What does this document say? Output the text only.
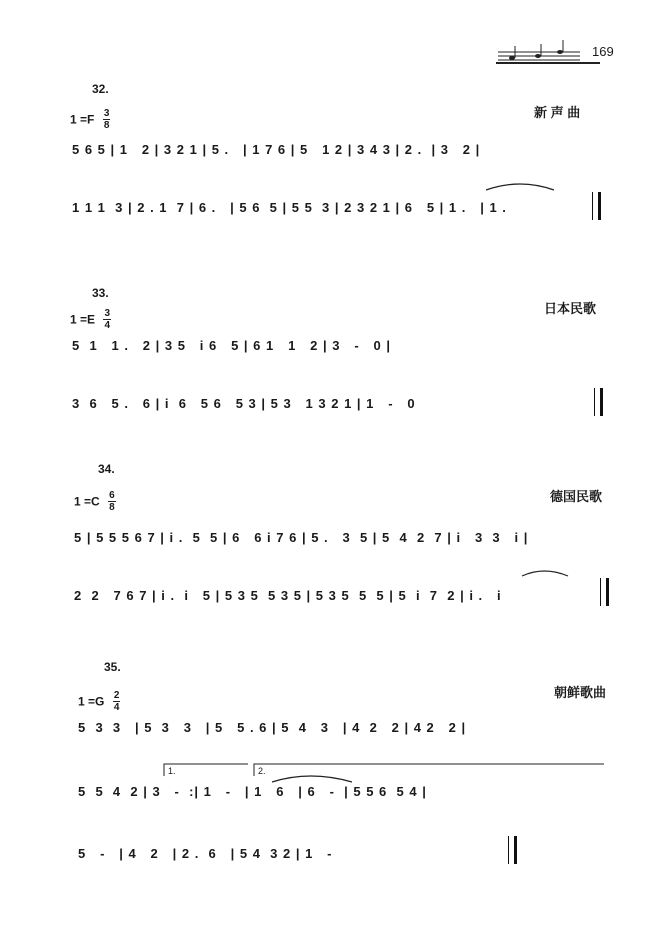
169
32.
$1 =F \frac{3}{8}$	新 声 曲
5 6 5 | 1   2 | 3 2 1 | 5 .   | 1 7 6 | 5   1 2 | 3 4 3 | 2 .  | 3   2 |
1 1 1  3 | 2 . 1  7 | 6 .   | 5 6  5 | 5 5  3 | 2 3 2 1 | 6   5 | 1 .   | 1 .
33.
$1 =E \frac{3}{4}$	日本民歌
5  1   1 .   2 | 3 5   i 6   5 | 6 1   1   2 | 3   -   0 |
3  6   5 .   6 | i  6   5 6   5 3 | 5 3   1 3 2 1 | 1   -   0
34.
$1 =C \frac{6}{8}$	德国民歌
5 | 5 5 5 6 7 | i .  5  5 | 6   6 i 7 6 | 5 .   3  5 | 5  4  2  7 | i   3  3   i |
2  2   7 6 7 | i .  i   5 | 5 3 5  5 3 5 | 5 3 5  5  5 | 5  i  7  2 | i .   i
35.
$1 =G \frac{2}{4}$	朝鲜歌曲
5  3  3   | 5  3   3   | 5   5 . 6 | 5  4   3   | 4  2   2 | 4 2   2 |
5  5  4  2 | 3   -  :| 1   -   | 1   6   | 6   -  | 5 5 6  5 4 |
5   -   | 4   2   | 2 .  6   | 5 4  3 2 | 1   -
1.	2.
